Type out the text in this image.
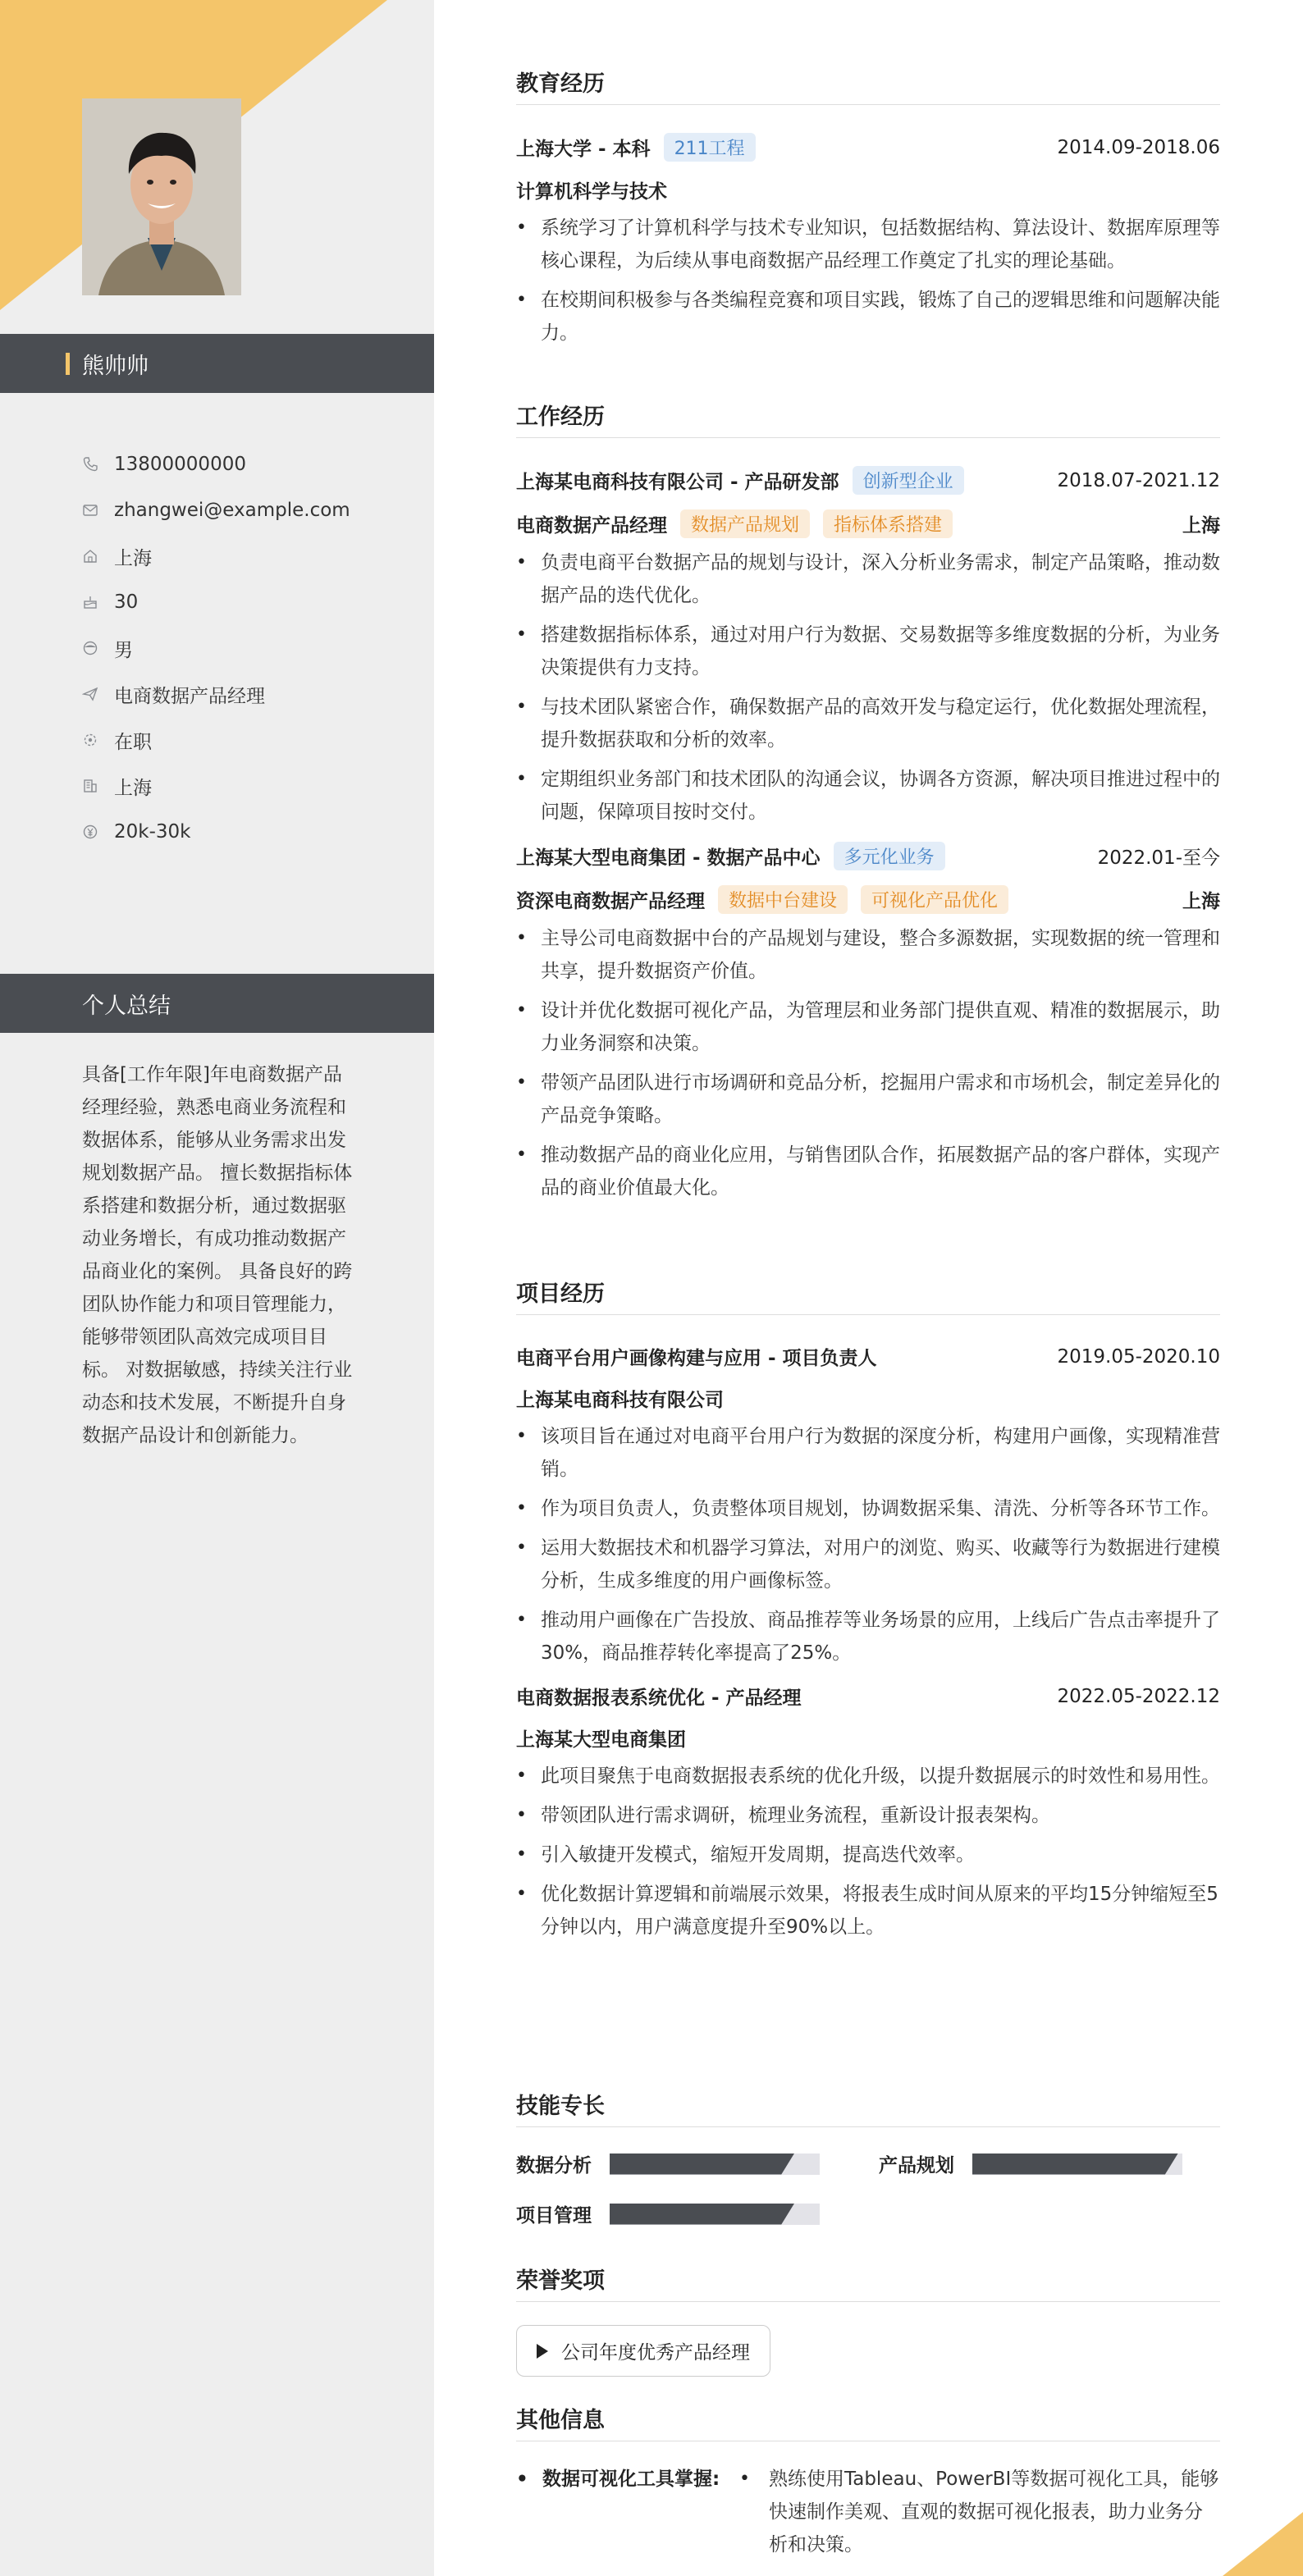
熊帅帅
13800000000
zhangwei@example.com
上海
30
男
电商数据产品经理
在职
上海
20k-30k
个人总结
具备[工作年限]年电商数据产品经理经验，熟悉电商业务流程和数据体系，能够从业务需求出发规划数据产品。 擅长数据指标体系搭建和数据分析，通过数据驱动业务增长，有成功推动数据产品商业化的案例。 具备良好的跨团队协作能力和项目管理能力，能够带领团队高效完成项目目标。 对数据敏感，持续关注行业动态和技术发展，不断提升自身数据产品设计和创新能力。
教育经历
上海大学 - 本科	211工程	2014.09-2018.06
计算机科学与技术
• 系统学习了计算机科学与技术专业知识，包括数据结构、算法设计、数据库原理等核心课程，为后续从事电商数据产品经理工作奠定了扎实的理论基础。
• 在校期间积极参与各类编程竞赛和项目实践，锻炼了自己的逻辑思维和问题解决能力。
工作经历
上海某电商科技有限公司 - 产品研发部	创新型企业	2018.07-2021.12
电商数据产品经理	数据产品规划	指标体系搭建	上海
• 负责电商平台数据产品的规划与设计，深入分析业务需求，制定产品策略，推动数据产品的迭代优化。
• 搭建数据指标体系，通过对用户行为数据、交易数据等多维度数据的分析，为业务决策提供有力支持。
• 与技术团队紧密合作，确保数据产品的高效开发与稳定运行，优化数据处理流程，提升数据获取和分析的效率。
• 定期组织业务部门和技术团队的沟通会议，协调各方资源，解决项目推进过程中的问题，保障项目按时交付。
上海某大型电商集团 - 数据产品中心	多元化业务	2022.01-至今
资深电商数据产品经理	数据中台建设	可视化产品优化	上海
• 主导公司电商数据中台的产品规划与建设，整合多源数据，实现数据的统一管理和共享，提升数据资产价值。
• 设计并优化数据可视化产品，为管理层和业务部门提供直观、精准的数据展示，助力业务洞察和决策。
• 带领产品团队进行市场调研和竞品分析，挖掘用户需求和市场机会，制定差异化的产品竞争策略。
• 推动数据产品的商业化应用，与销售团队合作，拓展数据产品的客户群体，实现产品的商业价值最大化。
项目经历
电商平台用户画像构建与应用 - 项目负责人	2019.05-2020.10
上海某电商科技有限公司
• 该项目旨在通过对电商平台用户行为数据的深度分析，构建用户画像，实现精准营销。
• 作为项目负责人，负责整体项目规划，协调数据采集、清洗、分析等各环节工作。
• 运用大数据技术和机器学习算法，对用户的浏览、购买、收藏等行为数据进行建模分析，生成多维度的用户画像标签。
• 推动用户画像在广告投放、商品推荐等业务场景的应用，上线后广告点击率提升了30%，商品推荐转化率提高了25%。
电商数据报表系统优化 - 产品经理	2022.05-2022.12
上海某大型电商集团
• 此项目聚焦于电商数据报表系统的优化升级，以提升数据展示的时效性和易用性。
• 带领团队进行需求调研，梳理业务流程，重新设计报表架构。
• 引入敏捷开发模式，缩短开发周期，提高迭代效率。
• 优化数据计算逻辑和前端展示效果，将报表生成时间从原来的平均15分钟缩短至5分钟以内，用户满意度提升至90%以上。
技能专长
数据分析	产品规划
项目管理
荣誉奖项
公司年度优秀产品经理
其他信息
• 数据可视化工具掌握:
•	熟练使用Tableau、PowerBI等数据可视化工具，能够快速制作美观、直观的数据可视化报表，助力业务分析和决策。
